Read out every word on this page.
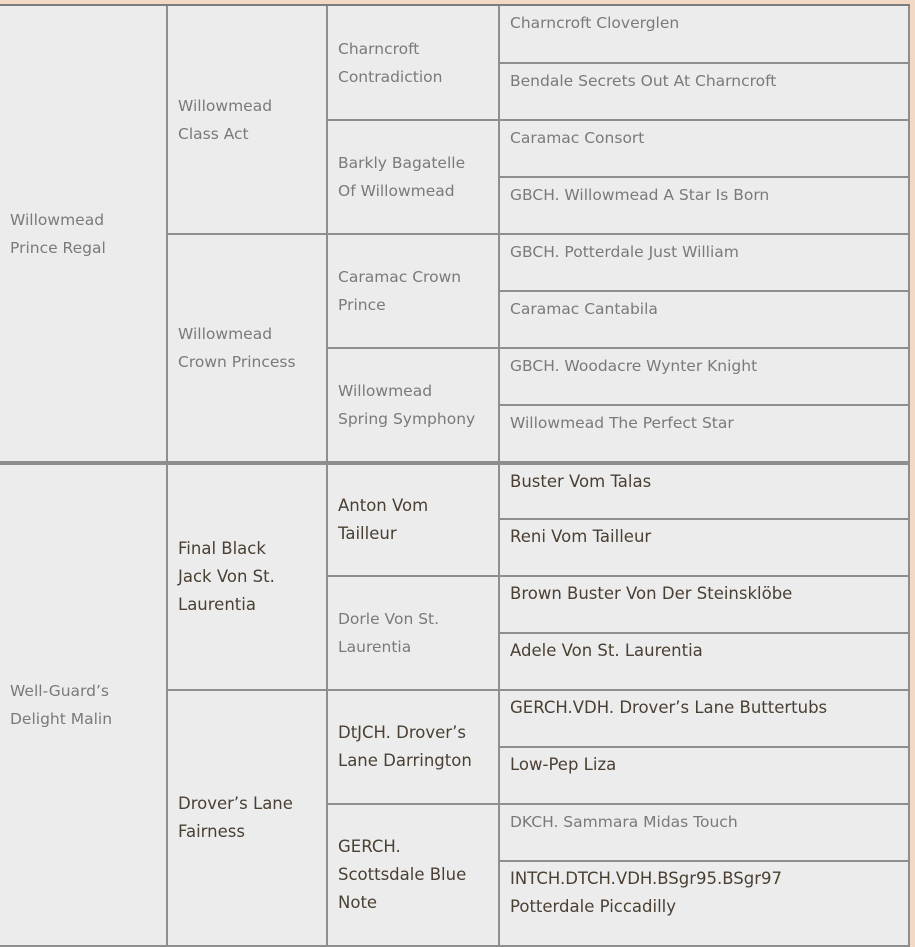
Willowmead
Prince Regal
Well-Guard’s
Delight Malin
Willowmead
Class Act
Willowmead
Crown Princess
Final Black
Jack Von St.
Laurentia
Drover’s Lane
Fairness
Charncroft
Contradiction
Barkly Bagatelle
Of Willowmead
Caramac Crown
Prince
Willowmead
Spring Symphony
Anton Vom
Tailleur
Dorle Von St.
Laurentia
DtJCH. Drover’s
Lane Darrington
GERCH.
Scottsdale Blue
Note
Charncroft Cloverglen
Bendale Secrets Out At Charncroft
Caramac Consort
GBCH. Willowmead A Star Is Born
GBCH. Potterdale Just William
Caramac Cantabila
GBCH. Woodacre Wynter Knight
Willowmead The Perfect Star
Buster Vom Talas
Reni Vom Tailleur
Brown Buster Von Der Steinsklöbe
Adele Von St. Laurentia
GERCH.VDH. Drover’s Lane Buttertubs
Low-Pep Liza
DKCH. Sammara Midas Touch
INTCH.DTCH.VDH.BSgr95.BSgr97
Potterdale Piccadilly
